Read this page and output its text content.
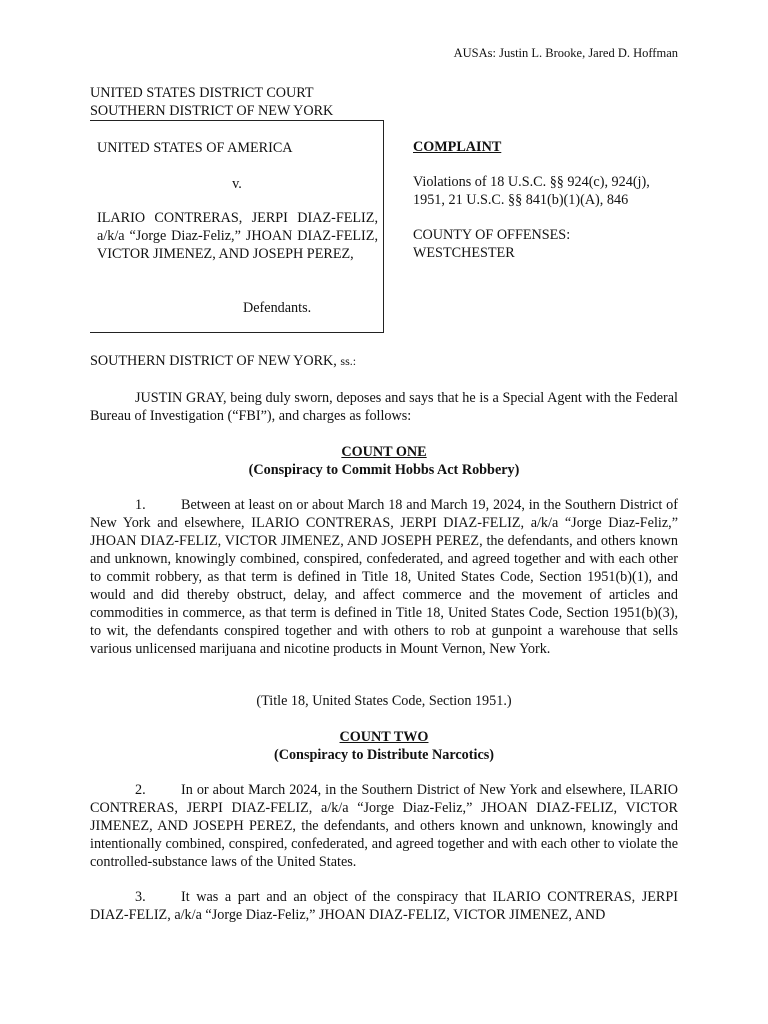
AUSAs: Justin L. Brooke, Jared D. Hoffman
UNITED STATES DISTRICT COURT
SOUTHERN DISTRICT OF NEW YORK
UNITED STATES OF AMERICA
v.
ILARIO CONTRERAS, JERPI DIAZ-FELIZ, a/k/a “Jorge Diaz-Feliz,” JHOAN DIAZ-FELIZ, VICTOR JIMENEZ, AND JOSEPH PEREZ,
Defendants.
COMPLAINT
Violations of 18 U.S.C. §§ 924(c), 924(j), 1951, 21 U.S.C. §§ 841(b)(1)(A), 846
COUNTY OF OFFENSES:
WESTCHESTER
SOUTHERN DISTRICT OF NEW YORK, ss.:
JUSTIN GRAY, being duly sworn, deposes and says that he is a Special Agent with the Federal Bureau of Investigation (“FBI”), and charges as follows:
COUNT ONE
(Conspiracy to Commit Hobbs Act Robbery)
1. Between at least on or about March 18 and March 19, 2024, in the Southern District of New York and elsewhere, ILARIO CONTRERAS, JERPI DIAZ-FELIZ, a/k/a “Jorge Diaz-Feliz,” JHOAN DIAZ-FELIZ, VICTOR JIMENEZ, AND JOSEPH PEREZ, the defendants, and others known and unknown, knowingly combined, conspired, confederated, and agreed together and with each other to commit robbery, as that term is defined in Title 18, United States Code, Section 1951(b)(1), and would and did thereby obstruct, delay, and affect commerce and the movement of articles and commodities in commerce, as that term is defined in Title 18, United States Code, Section 1951(b)(3), to wit, the defendants conspired together and with others to rob at gunpoint a warehouse that sells various unlicensed marijuana and nicotine products in Mount Vernon, New York.
(Title 18, United States Code, Section 1951.)
COUNT TWO
(Conspiracy to Distribute Narcotics)
2. In or about March 2024, in the Southern District of New York and elsewhere, ILARIO CONTRERAS, JERPI DIAZ-FELIZ, a/k/a “Jorge Diaz-Feliz,” JHOAN DIAZ-FELIZ, VICTOR JIMENEZ, AND JOSEPH PEREZ, the defendants, and others known and unknown, knowingly and intentionally combined, conspired, confederated, and agreed together and with each other to violate the controlled-substance laws of the United States.
3. It was a part and an object of the conspiracy that ILARIO CONTRERAS, JERPI DIAZ-FELIZ, a/k/a “Jorge Diaz-Feliz,” JHOAN DIAZ-FELIZ, VICTOR JIMENEZ, AND
